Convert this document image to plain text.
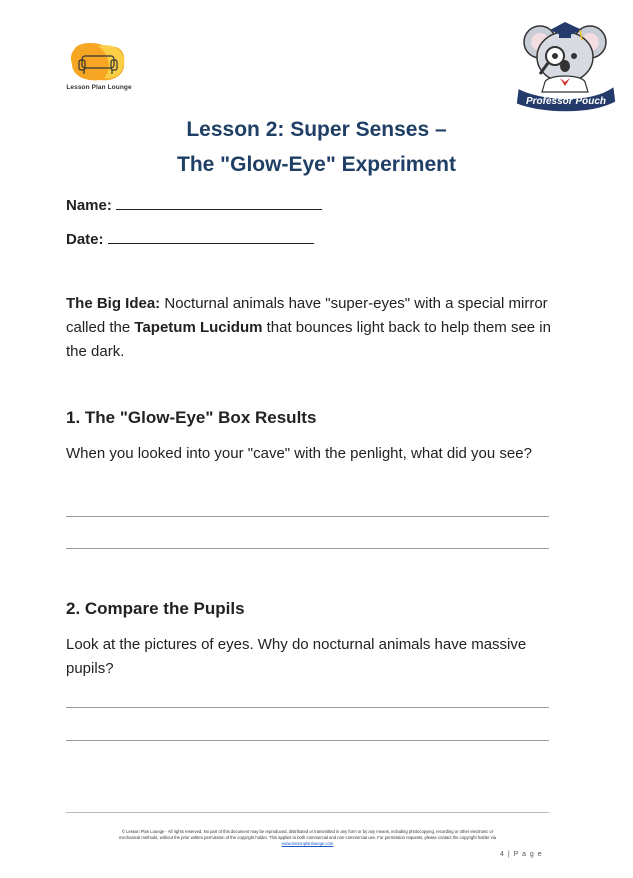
Lesson Plan Lounge
Professor Pouch
Lesson 2: Super Senses –
The "Glow-Eye" Experiment
Name:
Date:
The Big Idea: Nocturnal animals have "super-eyes" with a special mirror called the Tapetum Lucidum that bounces light back to help them see in the dark.
1. The "Glow-Eye" Box Results
When you looked into your "cave" with the penlight, what did you see?
2. Compare the Pupils
Look at the pictures of eyes. Why do nocturnal animals have massive pupils?
© Lesson Plan Lounge - All rights reserved. No part of this document may be reproduced, distributed or transmitted in any form or by any means, including photocopying, recording or other electronic or
mechanical methods, without the prior written permission of the copyright holder. This applies to both commercial and non-commercial use. For permission requests, please contact the copyright holder via
www.lessonplanlounge.com
4 | P a g e
